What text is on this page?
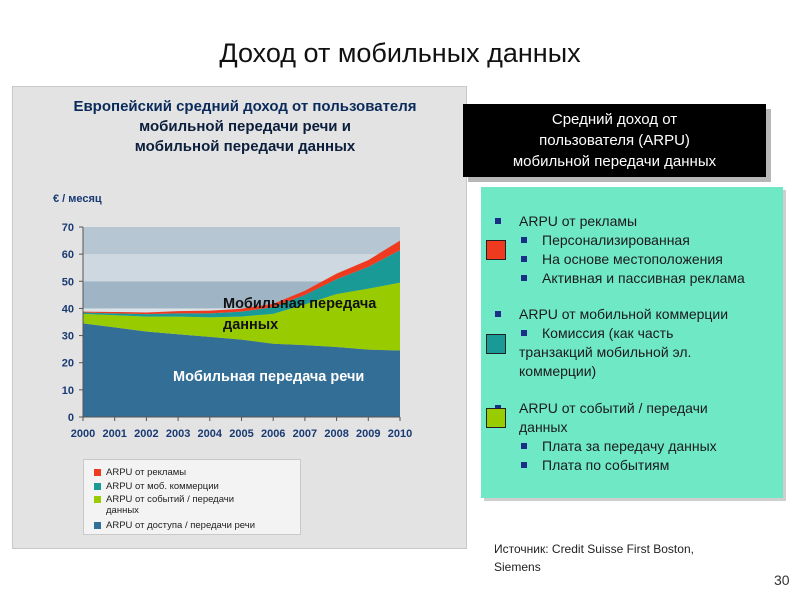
Доход от мобильных данных
Европейский средний доход от пользователя
мобильной передачи речи и
мобильной передачи данных
0
10
20
30
40
50
60
70
2000 2001 2002 2003 2004 2005 2006 2007 2008 2009 2010
€ / месяц
Мобильная передача
данных
Мобильная передача речи
ARPU от рекламы
ARPU от моб. коммерции
ARPU от событий / передачи
данных
ARPU от доступа / передачи речи
Средний доход от
пользователя (ARPU)
мобильной передачи данных
ARPU от рекламы
Персонализированная
На основе местоположения
Активная и пассивная реклама
ARPU от мобильной коммерции
Комиссия (как часть
транзакций мобильной эл.
коммерции)
ARPU от событий / передачи
данных
Плата за передачу данных
Плата по событиям
Источник: Credit Suisse First Boston,
Siemens
30
